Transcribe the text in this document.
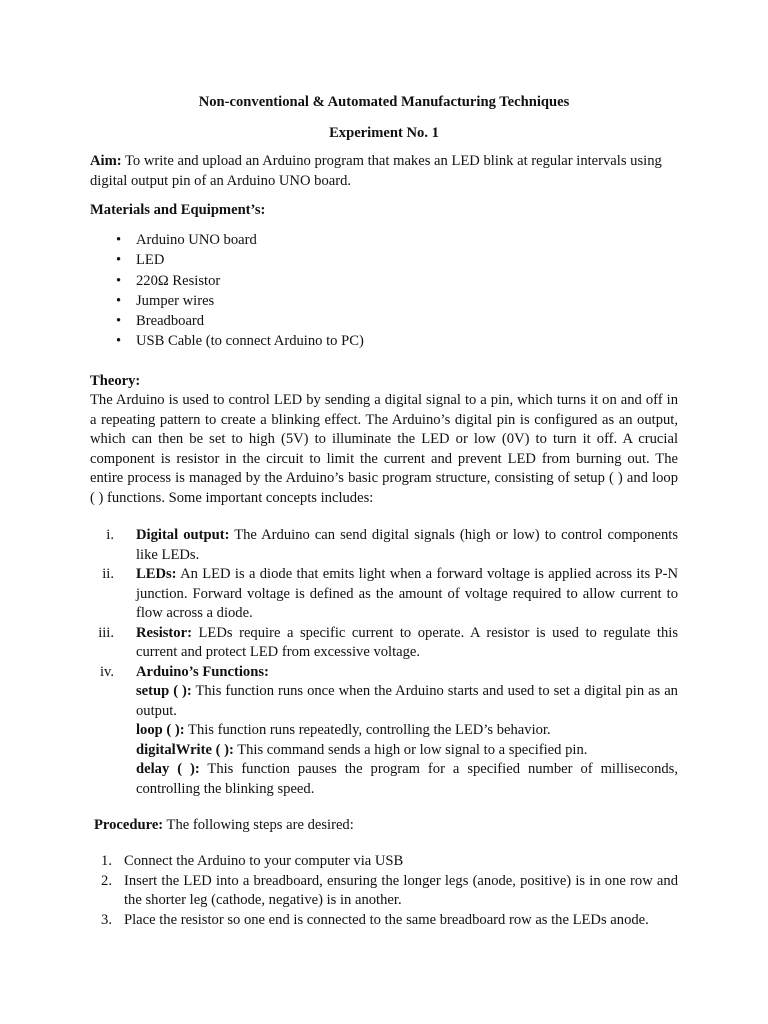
Non-conventional & Automated Manufacturing Techniques
Experiment No. 1
Aim: To write and upload an Arduino program that makes an LED blink at regular intervals using digital output pin of an Arduino UNO board.
Materials and Equipment’s:
• Arduino UNO board
• LED
• 220Ω Resistor
• Jumper wires
• Breadboard
• USB Cable (to connect Arduino to PC)
Theory:
The Arduino is used to control LED by sending a digital signal to a pin, which turns it on and off in a repeating pattern to create a blinking effect. The Arduino’s digital pin is configured as an output, which can then be set to high (5V) to illuminate the LED or low (0V) to turn it off. A crucial component is resistor in the circuit to limit the current and prevent LED from burning out. The entire process is managed by the Arduino’s basic program structure, consisting of setup ( ) and loop ( ) functions. Some important concepts includes:
i. Digital output: The Arduino can send digital signals (high or low) to control components like LEDs.
ii. LEDs: An LED is a diode that emits light when a forward voltage is applied across its P-N junction. Forward voltage is defined as the amount of voltage required to allow current to flow across a diode.
iii. Resistor: LEDs require a specific current to operate. A resistor is used to regulate this current and protect LED from excessive voltage.
iv. Arduino’s Functions:
setup ( ): This function runs once when the Arduino starts and used to set a digital pin as an output.
loop ( ): This function runs repeatedly, controlling the LED’s behavior.
digitalWrite ( ): This command sends a high or low signal to a specified pin.
delay ( ): This function pauses the program for a specified number of milliseconds, controlling the blinking speed.
Procedure: The following steps are desired:
1. Connect the Arduino to your computer via USB
2. Insert the LED into a breadboard, ensuring the longer legs (anode, positive) is in one row and the shorter leg (cathode, negative) is in another.
3. Place the resistor so one end is connected to the same breadboard row as the LEDs anode.
